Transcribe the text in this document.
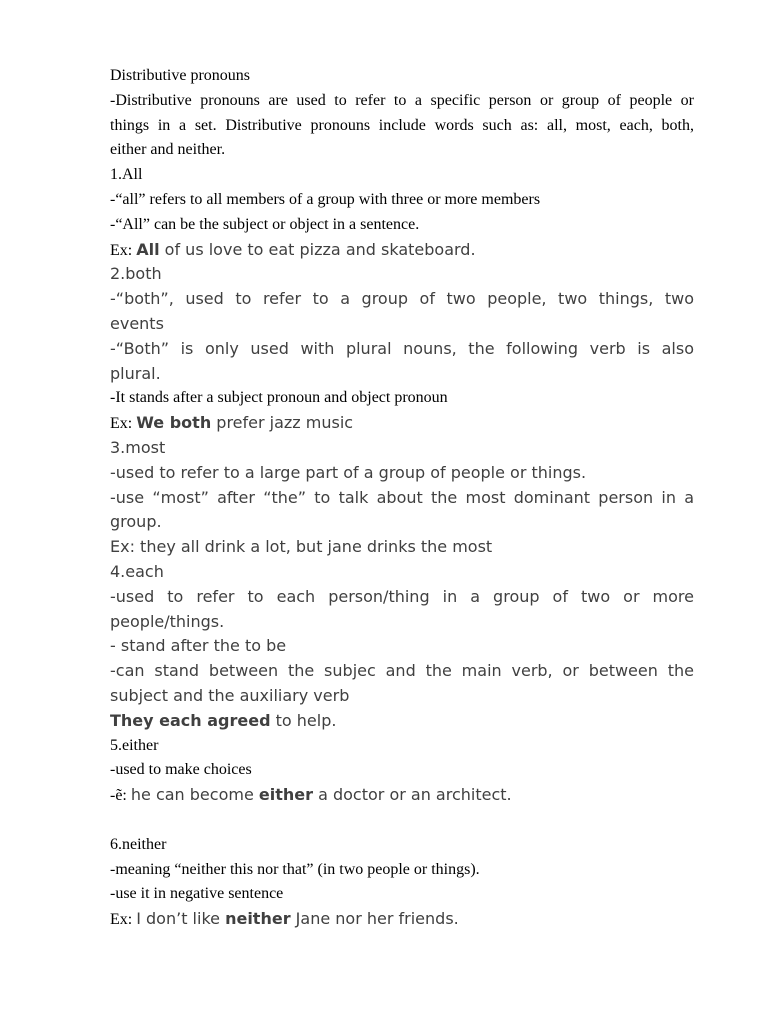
Distributive pronouns

-Distributive pronouns are used to refer to a specific person or group of people or

things in a set. Distributive pronouns include words such as: all, most, each, both,

either and neither.

1.All

-“all” refers to all members of a group with three or more members

-“All” can be the subject or object in a sentence.

Ex: All of us love to eat pizza and skateboard.

2.both

-“both”, used to refer to a group of two people, two things, two

events

-“Both” is only used with plural nouns, the following verb is also

plural.

-It stands after a subject pronoun and object pronoun

Ex: We both prefer jazz music

3.most

-used to refer to a large part of a group of people or things.

-use “most” after “the” to talk about the most dominant person in a

group.

Ex: they all drink a lot, but jane drinks the most

4.each

-used to refer to each person/thing in a group of two or more

people/things.

- stand after the to be

-can stand between the subjec and the main verb, or between the

subject and the auxiliary verb

They each agreed to help.

5.either

-used to make choices

-ẽ: he can become either a doctor or an architect.

6.neither

-meaning “neither this nor that” (in two people or things).

-use it in negative sentence

Ex: I don’t like neither Jane nor her friends.
